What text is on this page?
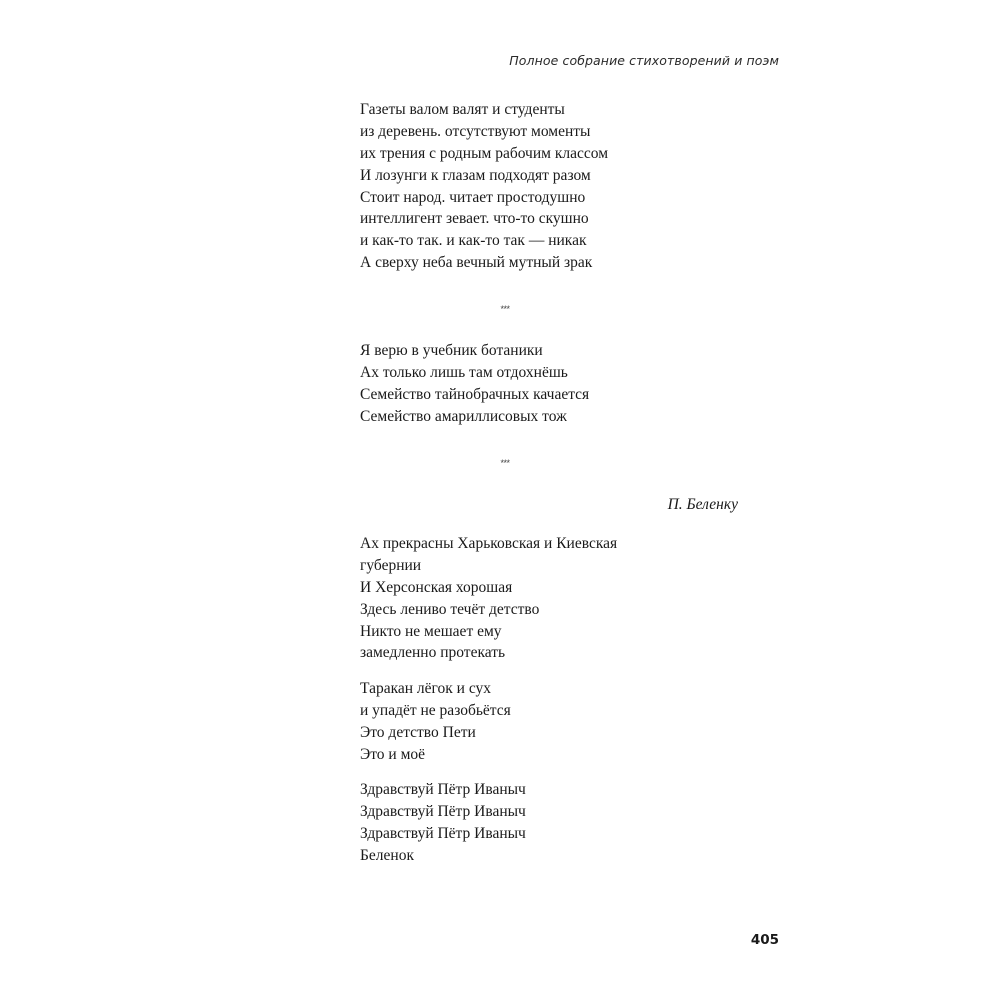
Полное собрание стихотворений и поэм
Газеты валом валят и студенты
из деревень. отсутствуют моменты
их трения с родным рабочим классом
И лозунги к глазам подходят разом
Стоит народ. читает простодушно
интеллигент зевает. что-то скушно
и как-то так. и как-то так — никак
А сверху неба вечный мутный зрак
***
Я верю в учебник ботаники
Ах только лишь там отдохнёшь
Семейство тайнобрачных качается
Семейство амариллисовых тож
***
П. Беленку
Ах прекрасны Харьковская и Киевская
губернии
И Херсонская хорошая
Здесь лениво течёт детство
Никто не мешает ему
замедленно протекать
Таракан лёгок и сух
и упадёт не разобьётся
Это детство Пети
Это и моё
Здравствуй Пётр Иваныч
Здравствуй Пётр Иваныч
Здравствуй Пётр Иваныч
Беленок
405
